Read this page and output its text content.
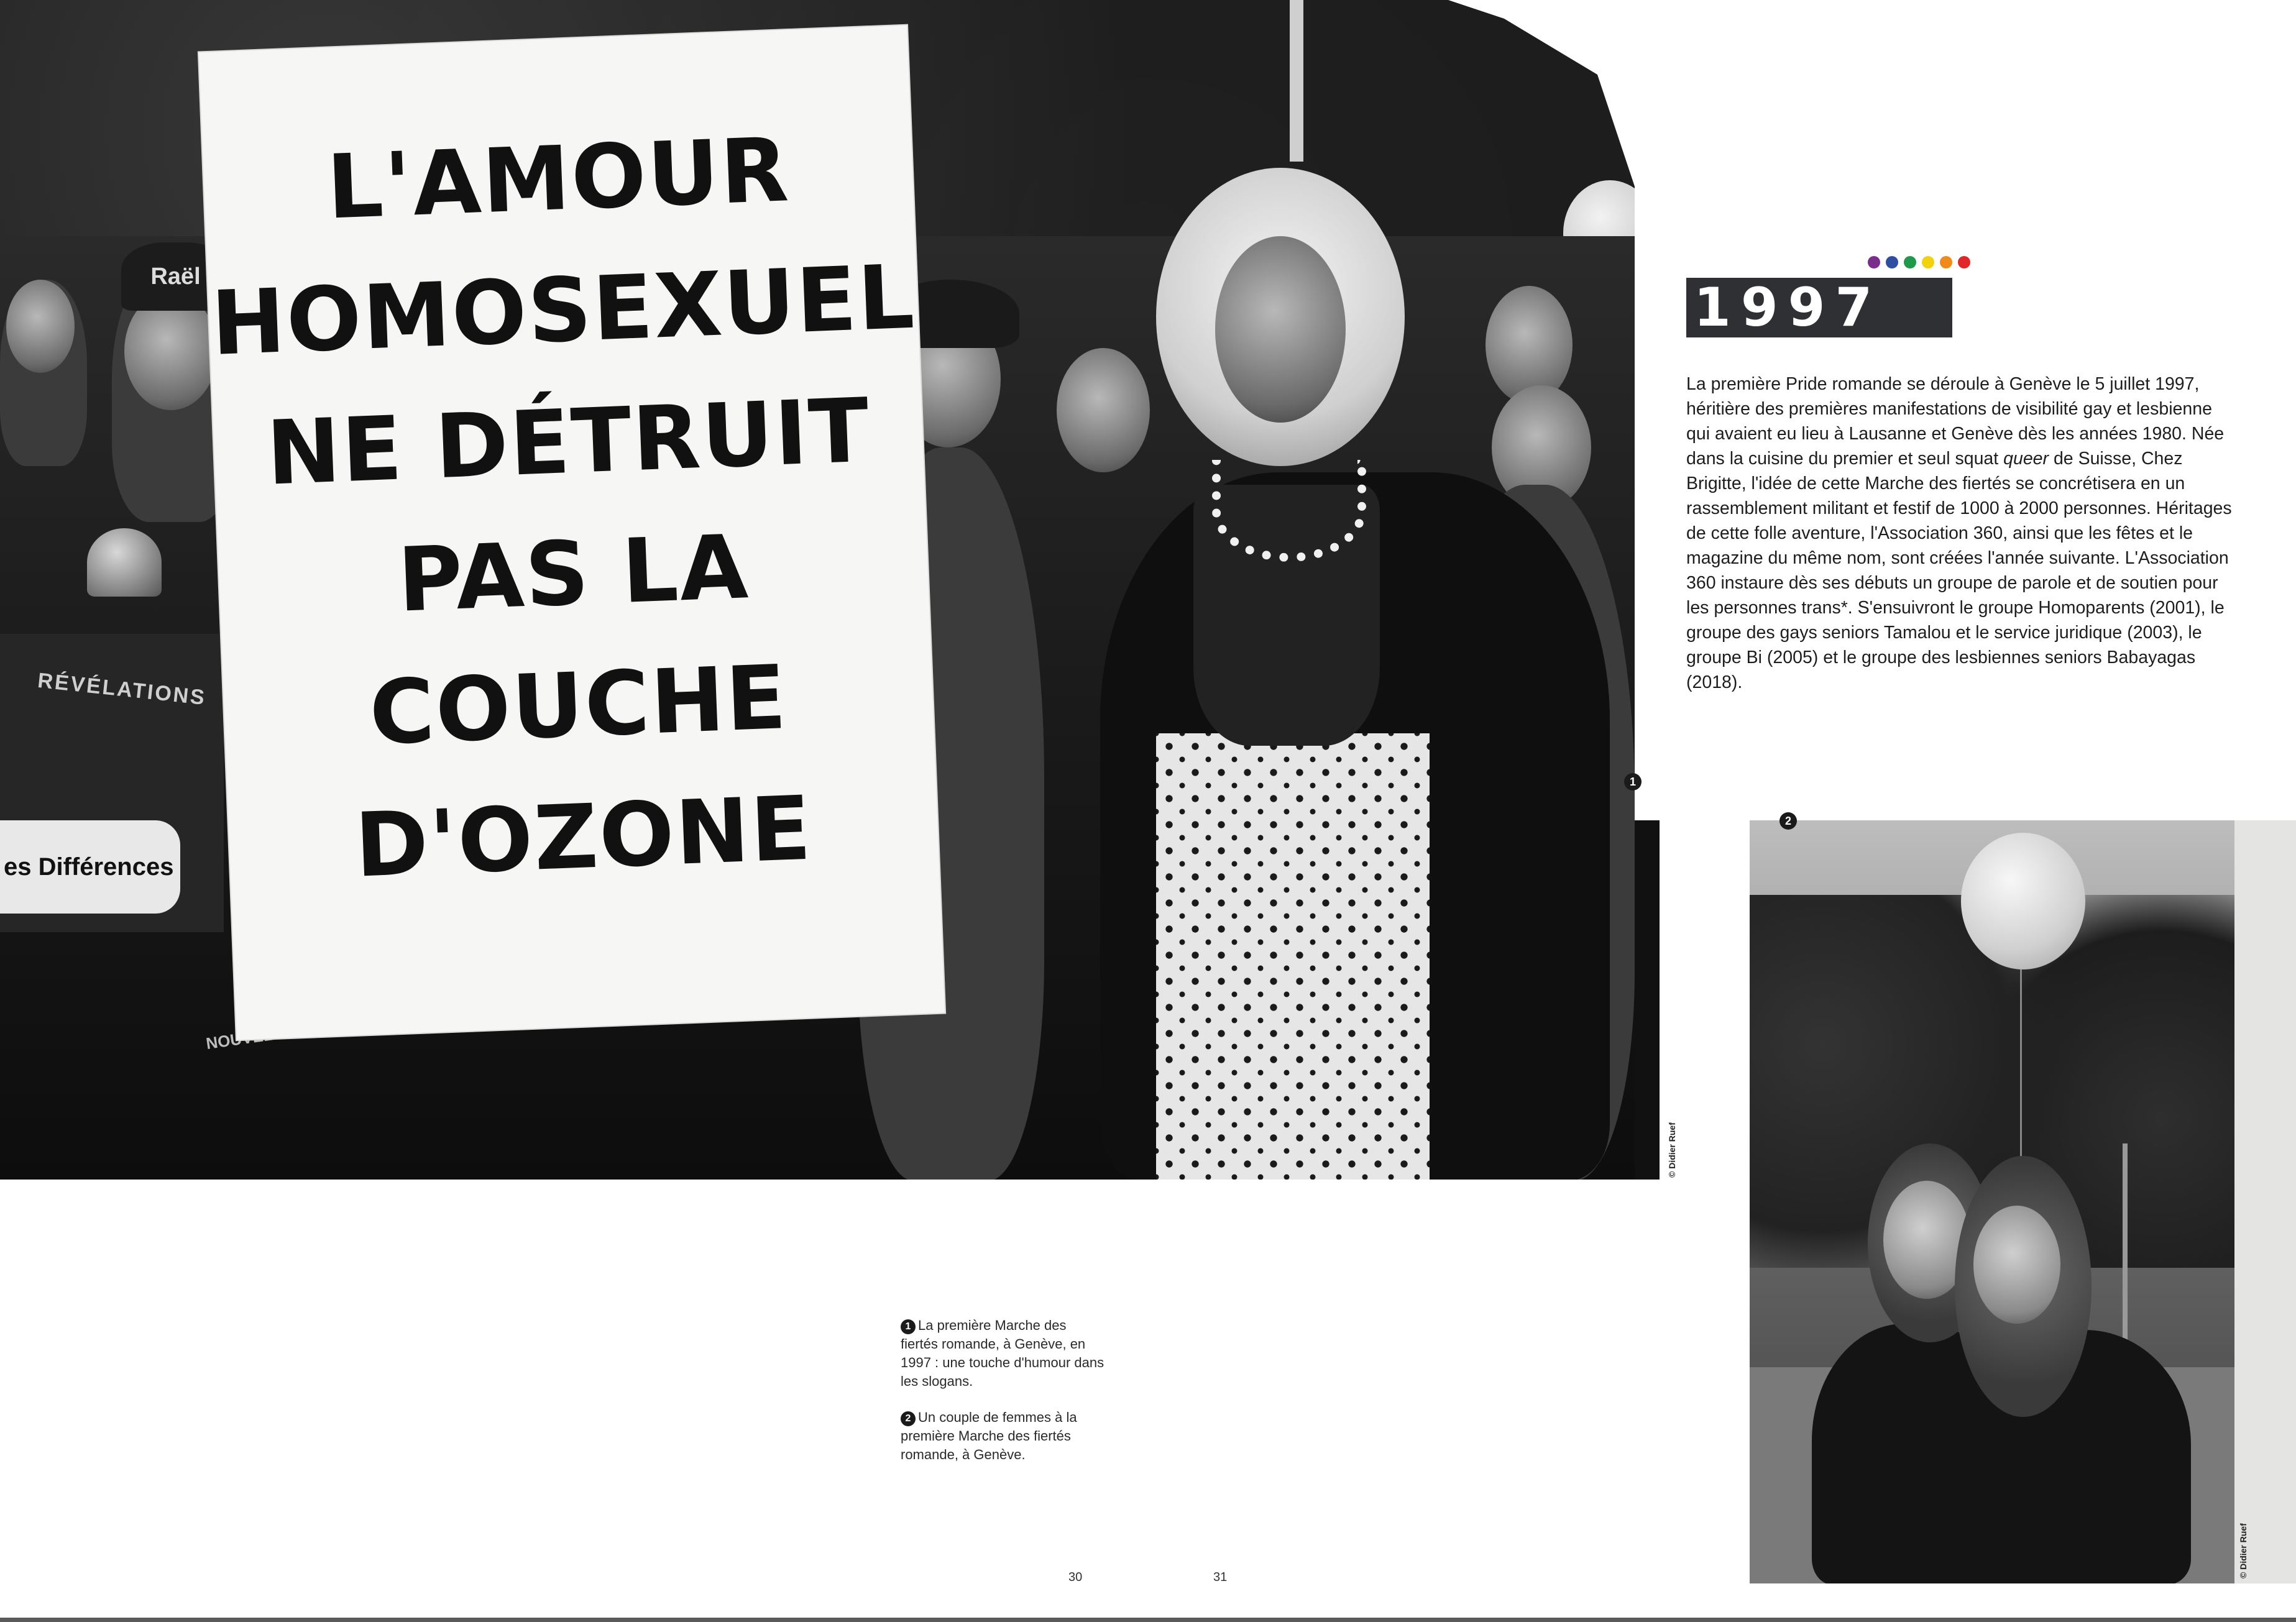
Raël
RÉVÉLATIONS
es Différences
L'AMOUR
HOMOSEXUEL
NE DÉTRUIT
PAS LA
COUCHE
D'OZONE
© Didier Ruef
1
© Didier Ruef
2
1997
La première Pride romande se déroule à Genève le 5 juillet 1997, héritière des premières manifestations de visibilité gay et lesbienne qui avaient eu lieu à Lausanne et Genève dès les années 1980. Née dans la cuisine du premier et seul squat queer de Suisse, Chez Brigitte, l'idée de cette Marche des fiertés se concrétisera en un rassemblement militant et festif de 1000 à 2000 personnes. Héritages de cette folle aventure, l'Association 360, ainsi que les fêtes et le magazine du même nom, sont créées l'année suivante. L'Association 360 instaure dès ses débuts un groupe de parole et de soutien pour les personnes trans*. S'ensuivront le groupe Homoparents (2001), le groupe des gays seniors Tamalou et le service juridique (2003), le groupe Bi (2005) et le groupe des lesbiennes seniors Babayagas (2018).

1 La première Marche des fiertés romande, à Genève, en 1997 : une touche d'humour dans les slogans.

2 Un couple de femmes à la première Marche des fiertés romande, à Genève.

30	31
